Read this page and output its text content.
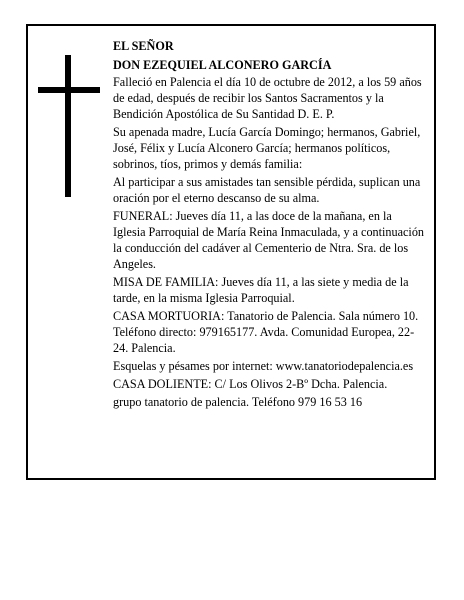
EL SEÑOR

DON EZEQUIEL ALCONERO GARCÍA

Falleció en Palencia el día 10 de octubre de 2012, a los 59 años de edad, después de recibir los Santos Sacramentos y la Bendición Apostólica de Su Santidad D. E. P.

Su apenada madre, Lucía García Domingo; hermanos, Gabriel, José, Félix y Lucía Alconero García; hermanos políticos, sobrinos, tíos, primos y demás familia:

Al participar a sus amistades tan sensible pérdida, suplican una oración por el eterno descanso de su alma.

FUNERAL: Jueves día 11, a las doce de la mañana, en la Iglesia Parroquial de María Reina Inmaculada, y a continuación la conducción del cadáver al Cementerio de Ntra. Sra. de los Angeles.

MISA DE FAMILIA: Jueves día 11, a las siete y media de la tarde, en la misma Iglesia Parroquial.

CASA MORTUORIA: Tanatorio de Palencia. Sala número 10. Teléfono directo: 979165177. Avda. Comunidad Europea, 22-24. Palencia.

Esquelas y pésames por internet: www.tanatoriodepalencia.es

CASA DOLIENTE: C/ Los Olivos 2-Bº Dcha. Palencia.

grupo tanatorio de palencia. Teléfono 979 16 53 16
